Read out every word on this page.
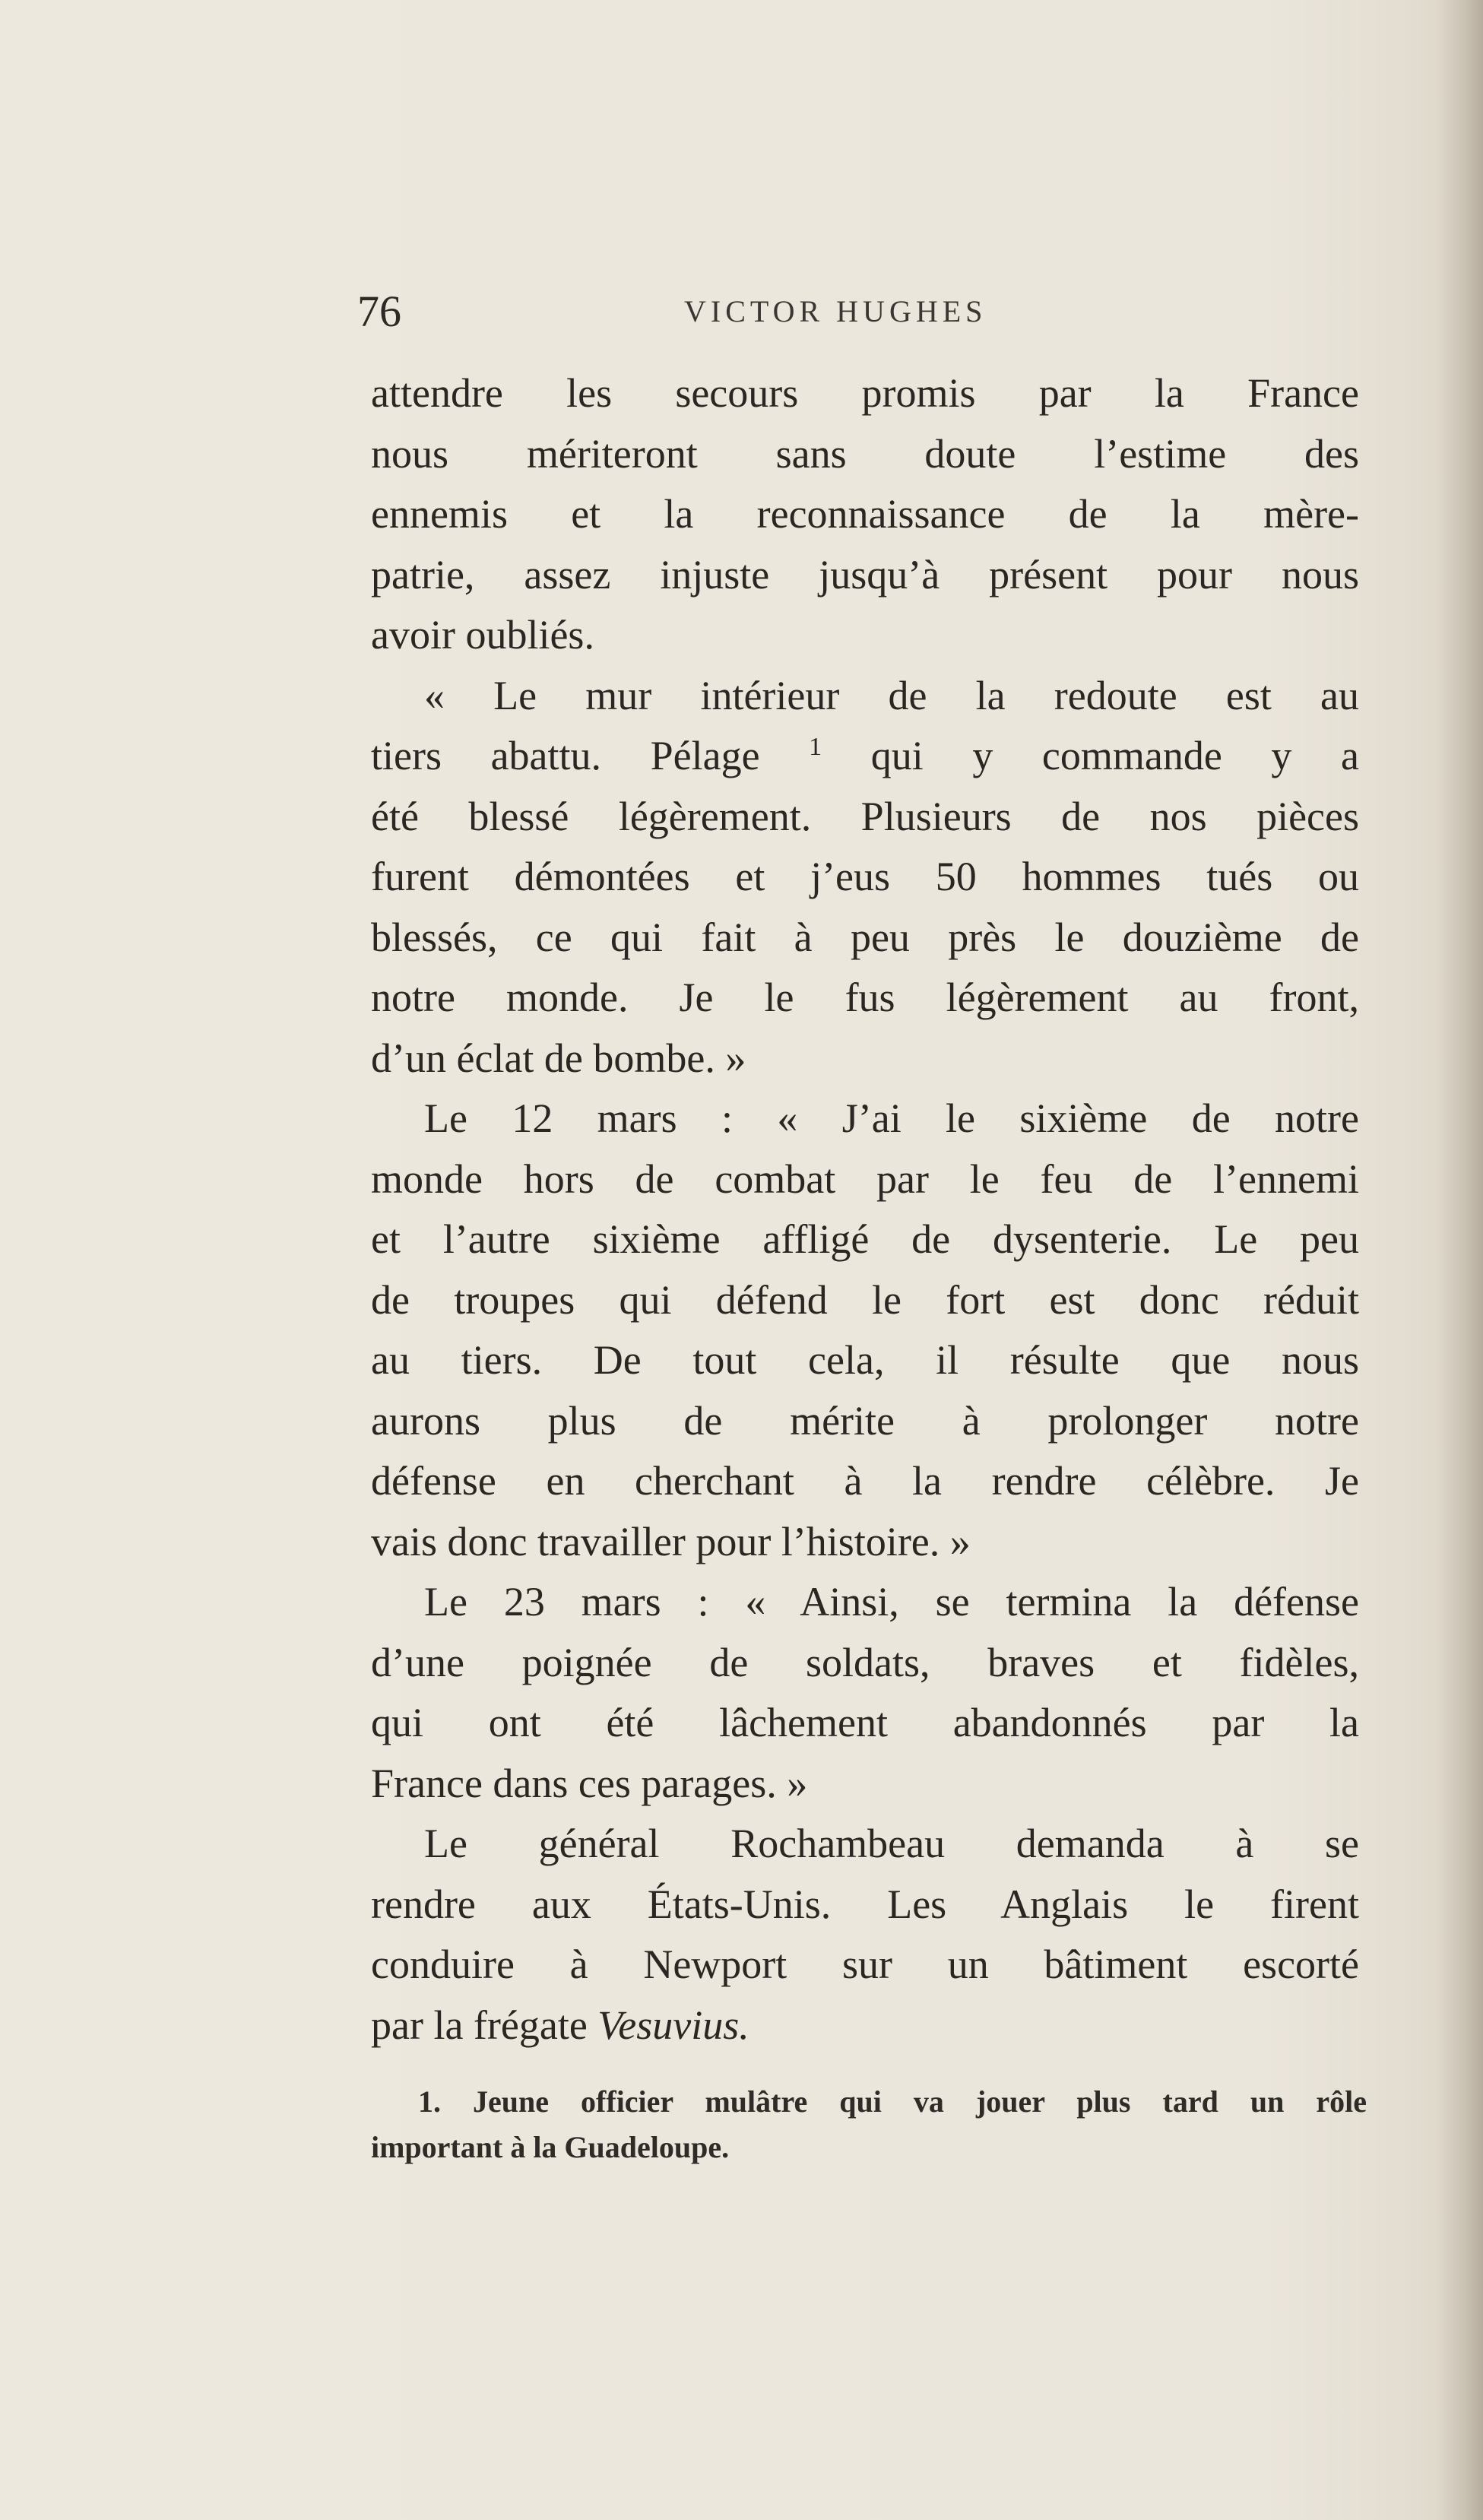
76	VICTOR HUGHES
attendre les secours promis par la France
nous mériteront sans doute l’estime des
ennemis et la reconnaissance de la mère-
patrie, assez injuste jusqu’à présent pour nous
avoir oubliés.
« Le mur intérieur de la redoute est au
tiers abattu. Pélage $^1$ qui y commande y a
été blessé légèrement. Plusieurs de nos pièces
furent démontées et j’eus 50 hommes tués ou
blessés, ce qui fait à peu près le douzième de
notre monde. Je le fus légèrement au front,
d’un éclat de bombe. »
Le 12 mars : « J’ai le sixième de notre
monde hors de combat par le feu de l’ennemi
et l’autre sixième affligé de dysenterie. Le peu
de troupes qui défend le fort est donc réduit
au tiers. De tout cela, il résulte que nous
aurons plus de mérite à prolonger notre
défense en cherchant à la rendre célèbre. Je
vais donc travailler pour l’histoire. »
Le 23 mars : « Ainsi, se termina la défense
d’une poignée de soldats, braves et fidèles,
qui ont été lâchement abandonnés par la
France dans ces parages. »
Le général Rochambeau demanda à se
rendre aux États-Unis. Les Anglais le firent
conduire à Newport sur un bâtiment escorté
par la frégate Vesuvius.
1. Jeune officier mulâtre qui va jouer plus tard un rôle
important à la Guadeloupe.
